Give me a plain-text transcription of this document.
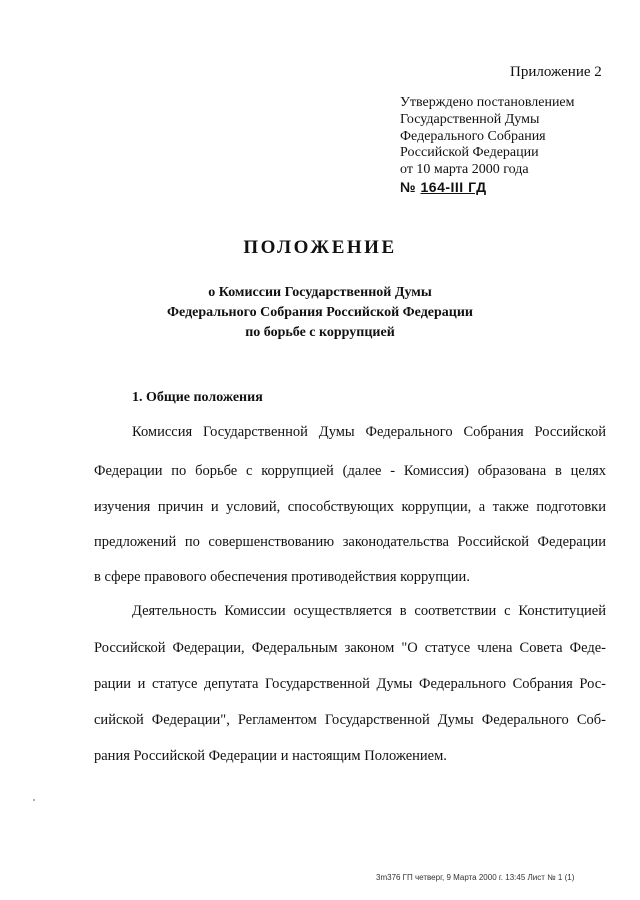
Приложение 2
Утверждено постановлением
Государственной Думы
Федерального Собрания
Российской Федерации
от 10 марта 2000 года
№ 164-III ГД
ПОЛОЖЕНИЕ
о Комиссии Государственной Думы
Федерального Собрания Российской Федерации
по борьбе с коррупцией
1. Общие положения
Комиссия Государственной Думы Федерального Собрания Российской
Федерации по борьбе с коррупцией (далее - Комиссия) образована в целях
изучения причин и условий, способствующих коррупции, а также подготовки
предложений по совершенствованию законодательства Российской Федерации
в сфере правового обеспечения противодействия коррупции.
Деятельность Комиссии осуществляется в соответствии с Конституцией
Российской Федерации, Федеральным законом "О статусе члена Совета Феде-
рации и статусе депутата Государственной Думы Федерального Собрания Рос-
сийской Федерации", Регламентом Государственной Думы Федерального Соб-
рания Российской Федерации и настоящим Положением.
3m376 ГП четверг, 9 Марта 2000 г. 13:45 Лист № 1 (1)
